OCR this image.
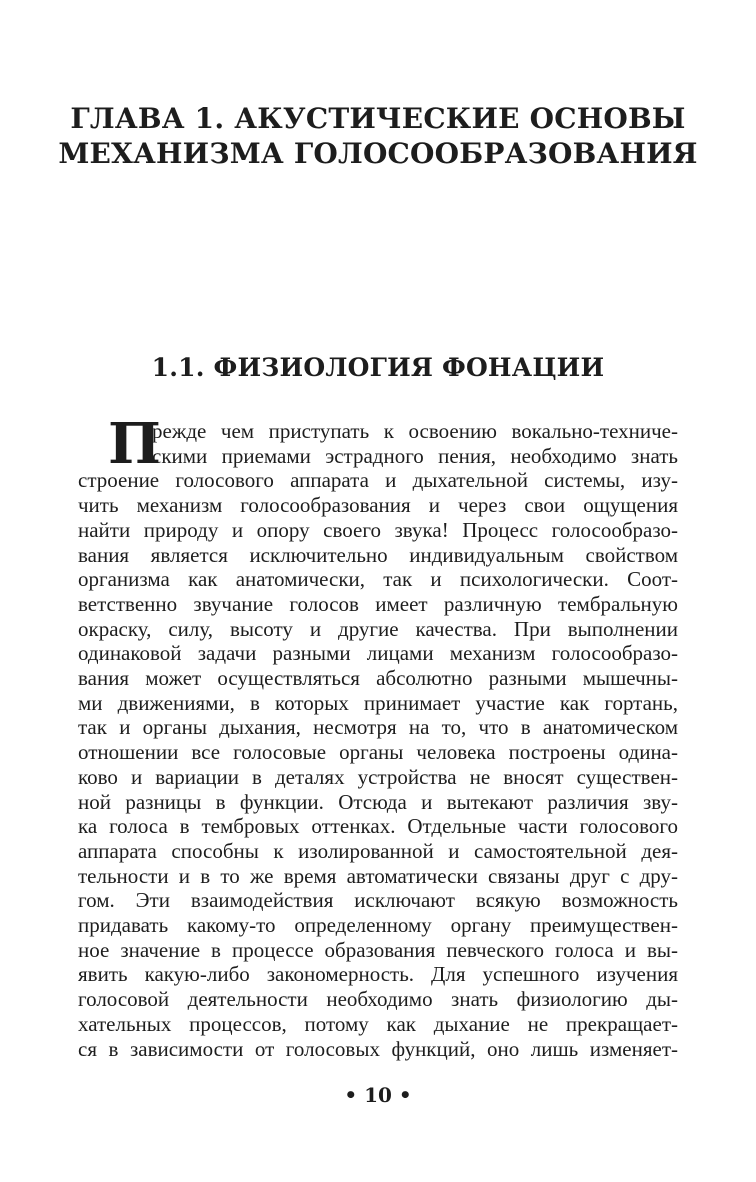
ГЛАВА 1. АКУСТИЧЕСКИЕ ОСНОВЫ
МЕХАНИЗМА ГОЛОСООБРАЗОВАНИЯ
1.1. ФИЗИОЛОГИЯ ФОНАЦИИ
П
режде чем приступать к освоению вокально-техниче-
скими приемами эстрадного пения, необходимо знать
строение голосового аппарата и дыхательной системы, изу-
чить механизм голосообразования и через свои ощущения
найти природу и опору своего звука! Процесс голосообразо-
вания является исключительно индивидуальным свойством
организма как анатомически, так и психологически. Соот-
ветственно звучание голосов имеет различную тембральную
окраску, силу, высоту и другие качества. При выполнении
одинаковой задачи разными лицами механизм голосообразо-
вания может осуществляться абсолютно разными мышечны-
ми движениями, в которых принимает участие как гортань,
так и органы дыхания, несмотря на то, что в анатомическом
отношении все голосовые органы человека построены одина-
ково и вариации в деталях устройства не вносят существен-
ной разницы в функции. Отсюда и вытекают различия зву-
ка голоса в тембровых оттенках. Отдельные части голосового
аппарата способны к изолированной и самостоятельной дея-
тельности и в то же время автоматически связаны друг с дру-
гом. Эти взаимодействия исключают всякую возможность
придавать какому-то определенному органу преимуществен-
ное значение в процессе образования певческого голоса и вы-
явить какую-либо закономерность. Для успешного изучения
голосовой деятельности необходимо знать физиологию ды-
хательных процессов, потому как дыхание не прекращает-
ся в зависимости от голосовых функций, оно лишь изменяет-
• 10 •
